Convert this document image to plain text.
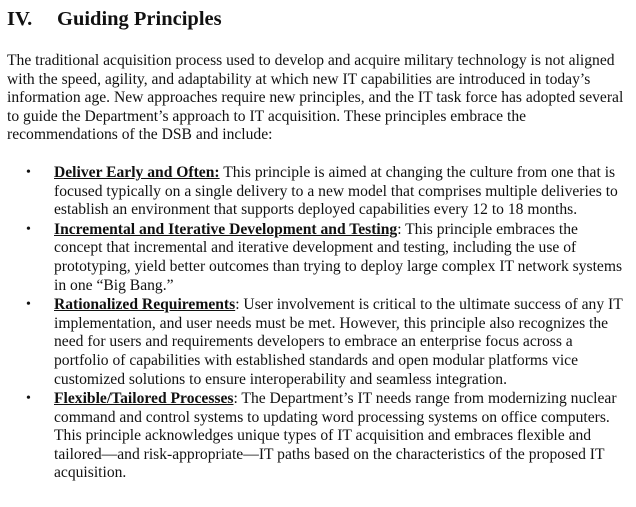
IV. Guiding Principles

The traditional acquisition process used to develop and acquire military technology is not aligned with the speed, agility, and adaptability at which new IT capabilities are introduced in today’s information age. New approaches require new principles, and the IT task force has adopted several to guide the Department’s approach to IT acquisition. These principles embrace the recommendations of the DSB and include:

• Deliver Early and Often: This principle is aimed at changing the culture from one that is focused typically on a single delivery to a new model that comprises multiple deliveries to establish an environment that supports deployed capabilities every 12 to 18 months.
• Incremental and Iterative Development and Testing: This principle embraces the concept that incremental and iterative development and testing, including the use of prototyping, yield better outcomes than trying to deploy large complex IT network systems in one “Big Bang.”
• Rationalized Requirements: User involvement is critical to the ultimate success of any IT implementation, and user needs must be met. However, this principle also recognizes the need for users and requirements developers to embrace an enterprise focus across a portfolio of capabilities with established standards and open modular platforms vice customized solutions to ensure interoperability and seamless integration.
• Flexible/Tailored Processes: The Department’s IT needs range from modernizing nuclear command and control systems to updating word processing systems on office computers. This principle acknowledges unique types of IT acquisition and embraces flexible and tailored—and risk-appropriate—IT paths based on the characteristics of the proposed IT acquisition.
